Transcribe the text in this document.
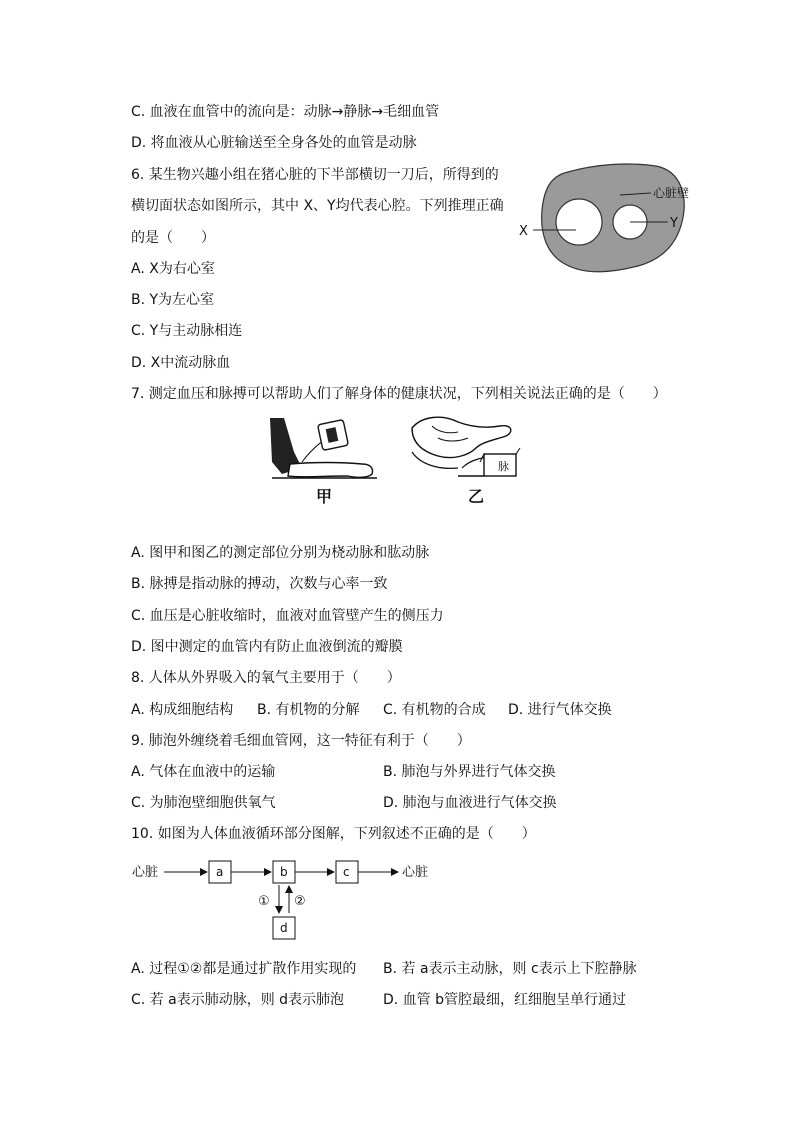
C. 血液在血管中的流向是：动脉→静脉→毛细血管
D. 将血液从心脏输送至全身各处的血管是动脉
6. 某生物兴趣小组在猪心脏的下半部横切一刀后，所得到的
横切面状态如图所示，其中 X、Y均代表心腔。下列推理正确
的是（　　）
A. X为右心室
B. Y为左心室
C. Y与主动脉相连
D. X中流动脉血
心脏壁
Y
X
7. 测定血压和脉搏可以帮助人们了解身体的健康状况，下列相关说法正确的是（　　）
甲
脉
乙
A. 图甲和图乙的测定部位分别为桡动脉和肱动脉
B. 脉搏是指动脉的搏动，次数与心率一致
C. 血压是心脏收缩时，血液对血管壁产生的侧压力
D. 图中测定的血管内有防止血液倒流的瓣膜
8. 人体从外界吸入的氧气主要用于（　　）
A. 构成细胞结构 B. 有机物的分解 C. 有机物的合成 D. 进行气体交换
9. 肺泡外缠绕着毛细血管网，这一特征有利于（　　）
A. 气体在血液中的运输	B. 肺泡与外界进行气体交换
C. 为肺泡壁细胞供氧气	D. 肺泡与血液进行气体交换
10. 如图为人体血液循环部分图解，下列叙述不正确的是（　　）
心脏	a	b	c	心脏
① ②
d
A. 过程①②都是通过扩散作用实现的 B. 若 a表示主动脉，则 c表示上下腔静脉
C. 若 a表示肺动脉，则 d表示肺泡	D. 血管 b管腔最细，红细胞呈单行通过
